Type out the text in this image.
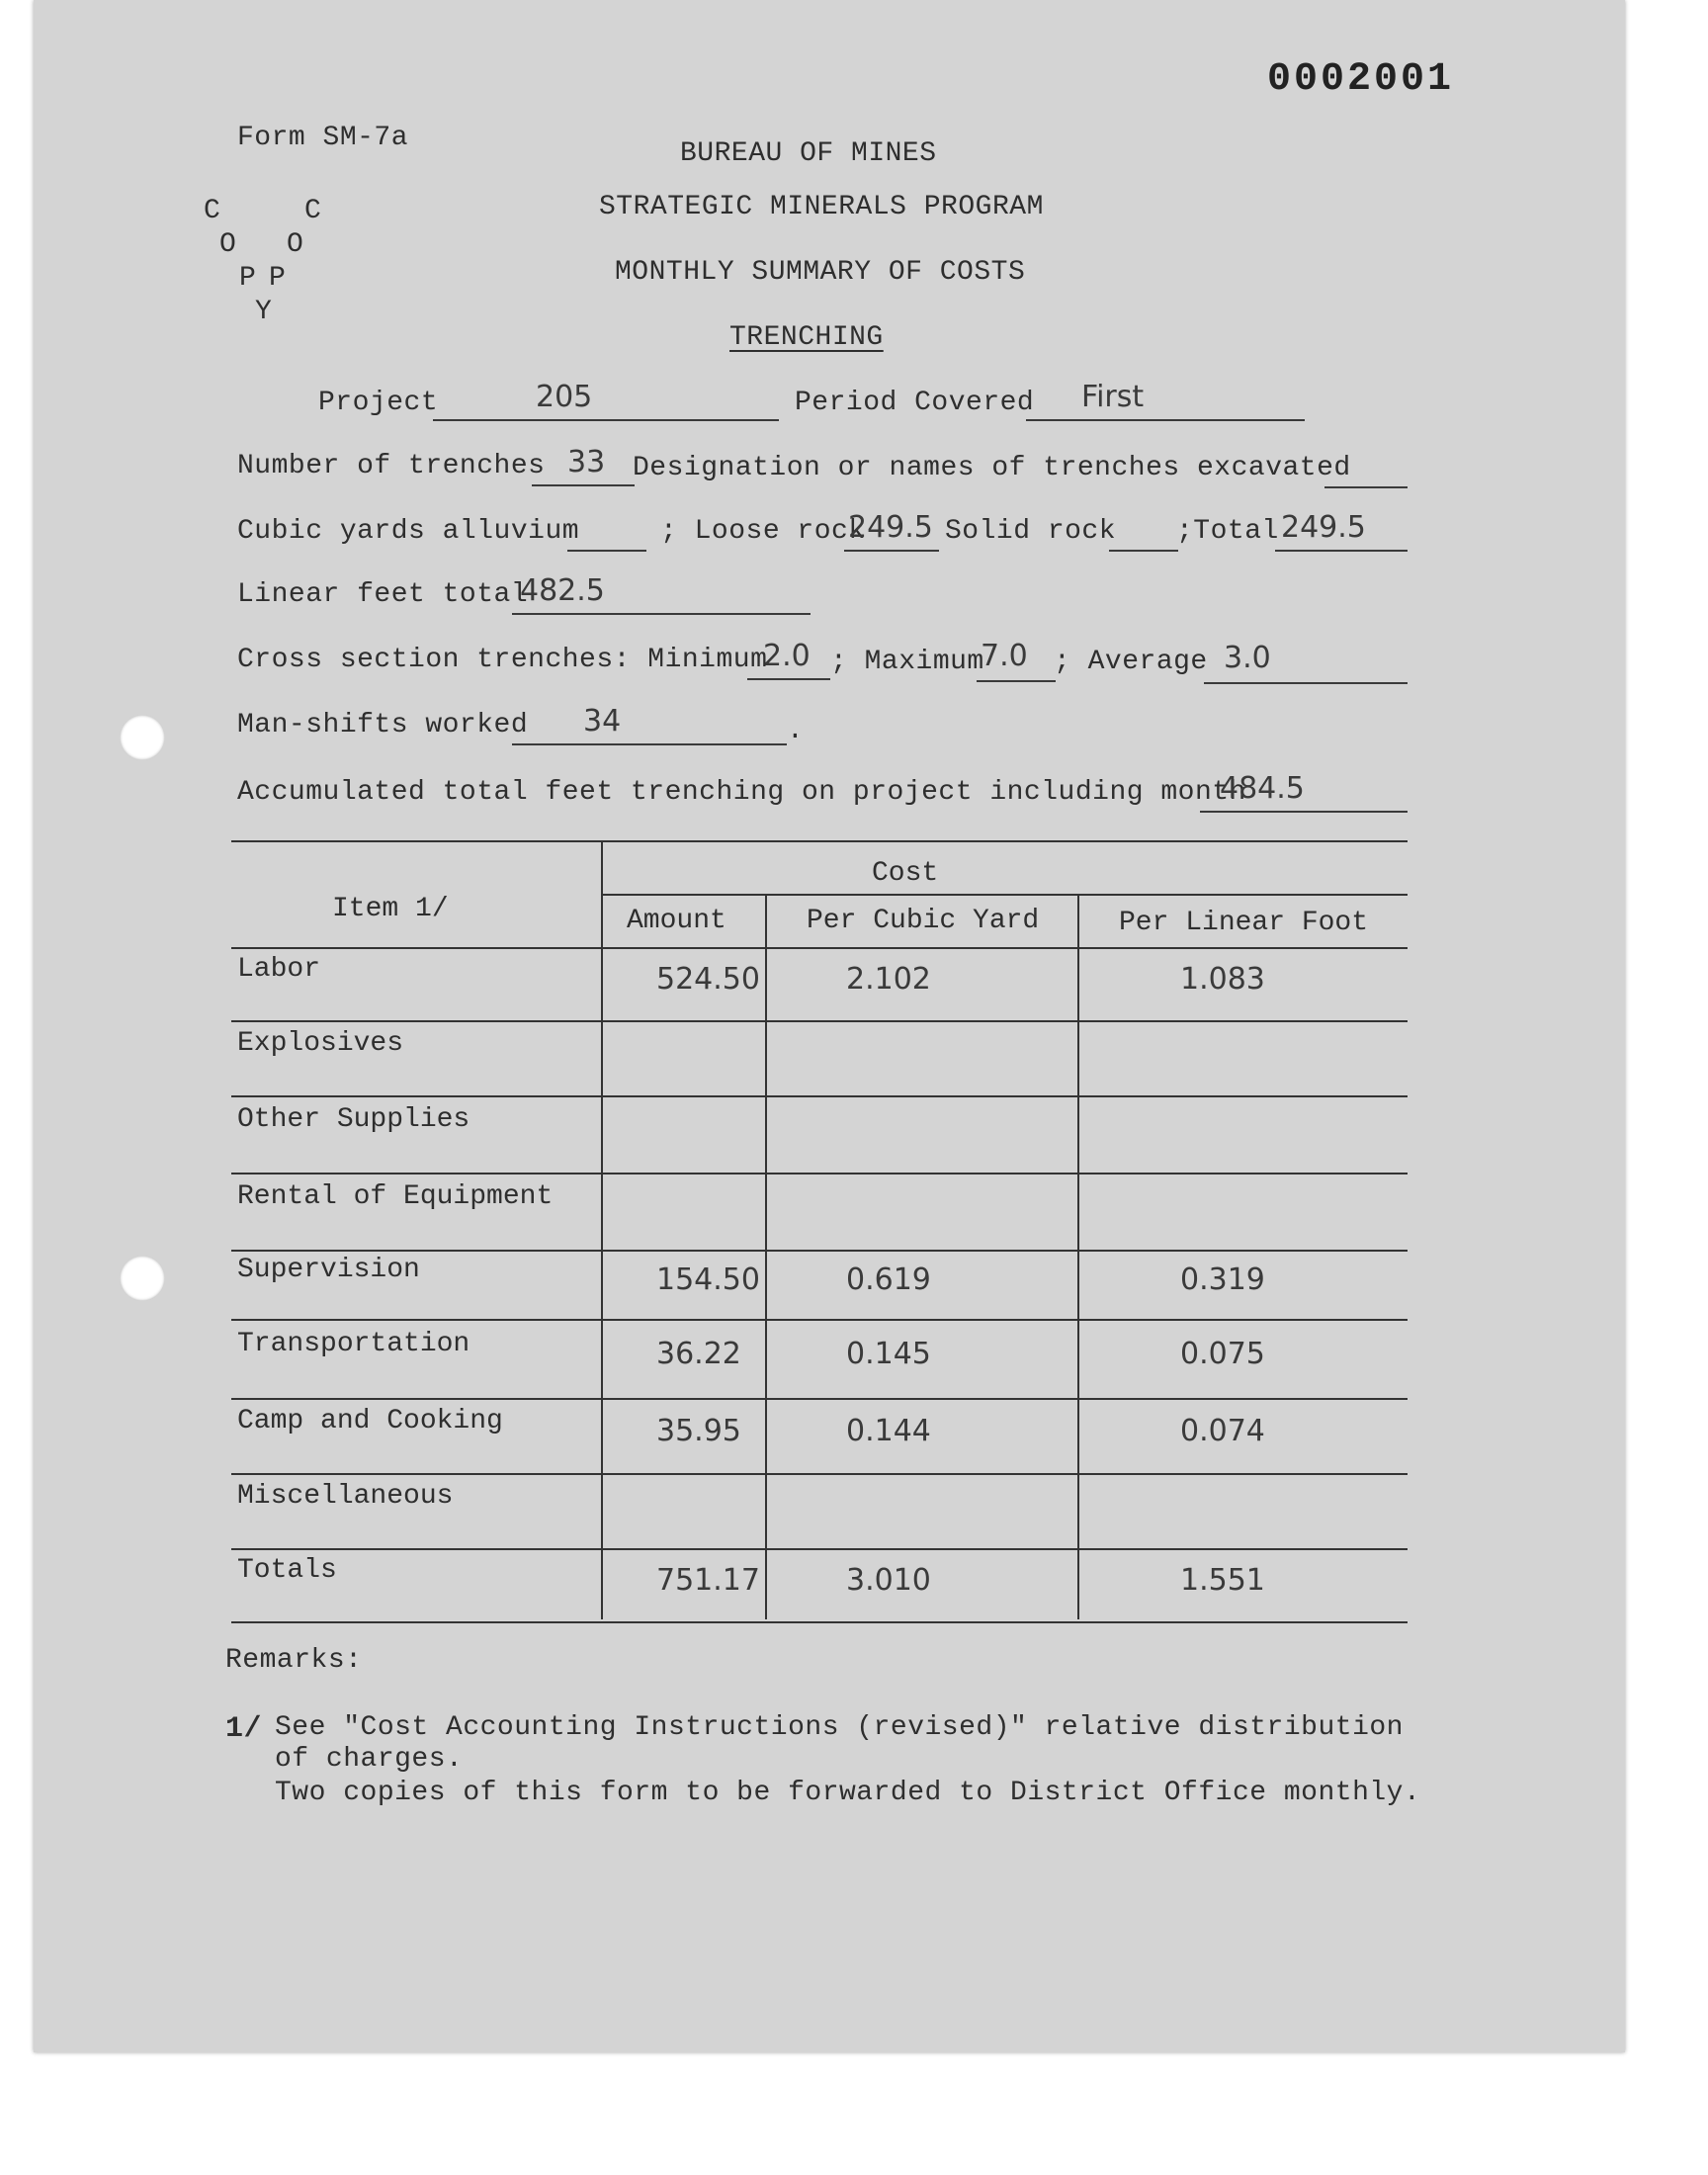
0002001
Form SM-7a
C	C
O O
P P
Y
BUREAU OF MINES
STRATEGIC MINERALS PROGRAM
MONTHLY SUMMARY OF COSTS
TRENCHING
Project	205	Period Covered First
Number of trenches 33 Designation or names of trenches excavated
Cubic yards alluvium	; Loose rock
249.5 Solid rock ;Total 249.5
Linear feet total
482.5
Cross section trenches: Minimum
2.0 ; Maximum
7.0 ; Average 3.0
Man-shifts worked 34	.
Accumulated total feet trenching on project including month
484.5
Item 1/
Cost
Amount	Per Cubic Yard	Per Linear Foot
Labor	524.50	2.102	1.083
Explosives
Other Supplies
Rental of Equipment
Supervision	154.50	0.619	0.319
Transportation	36.22	0.145	0.075
Camp and Cooking	35.95	0.144	0.074
Miscellaneous
Totals	751.17	3.010	1.551
Remarks:
1/ See "Cost Accounting Instructions (revised)" relative distribution
of charges.
Two copies of this form to be forwarded to District Office monthly.
